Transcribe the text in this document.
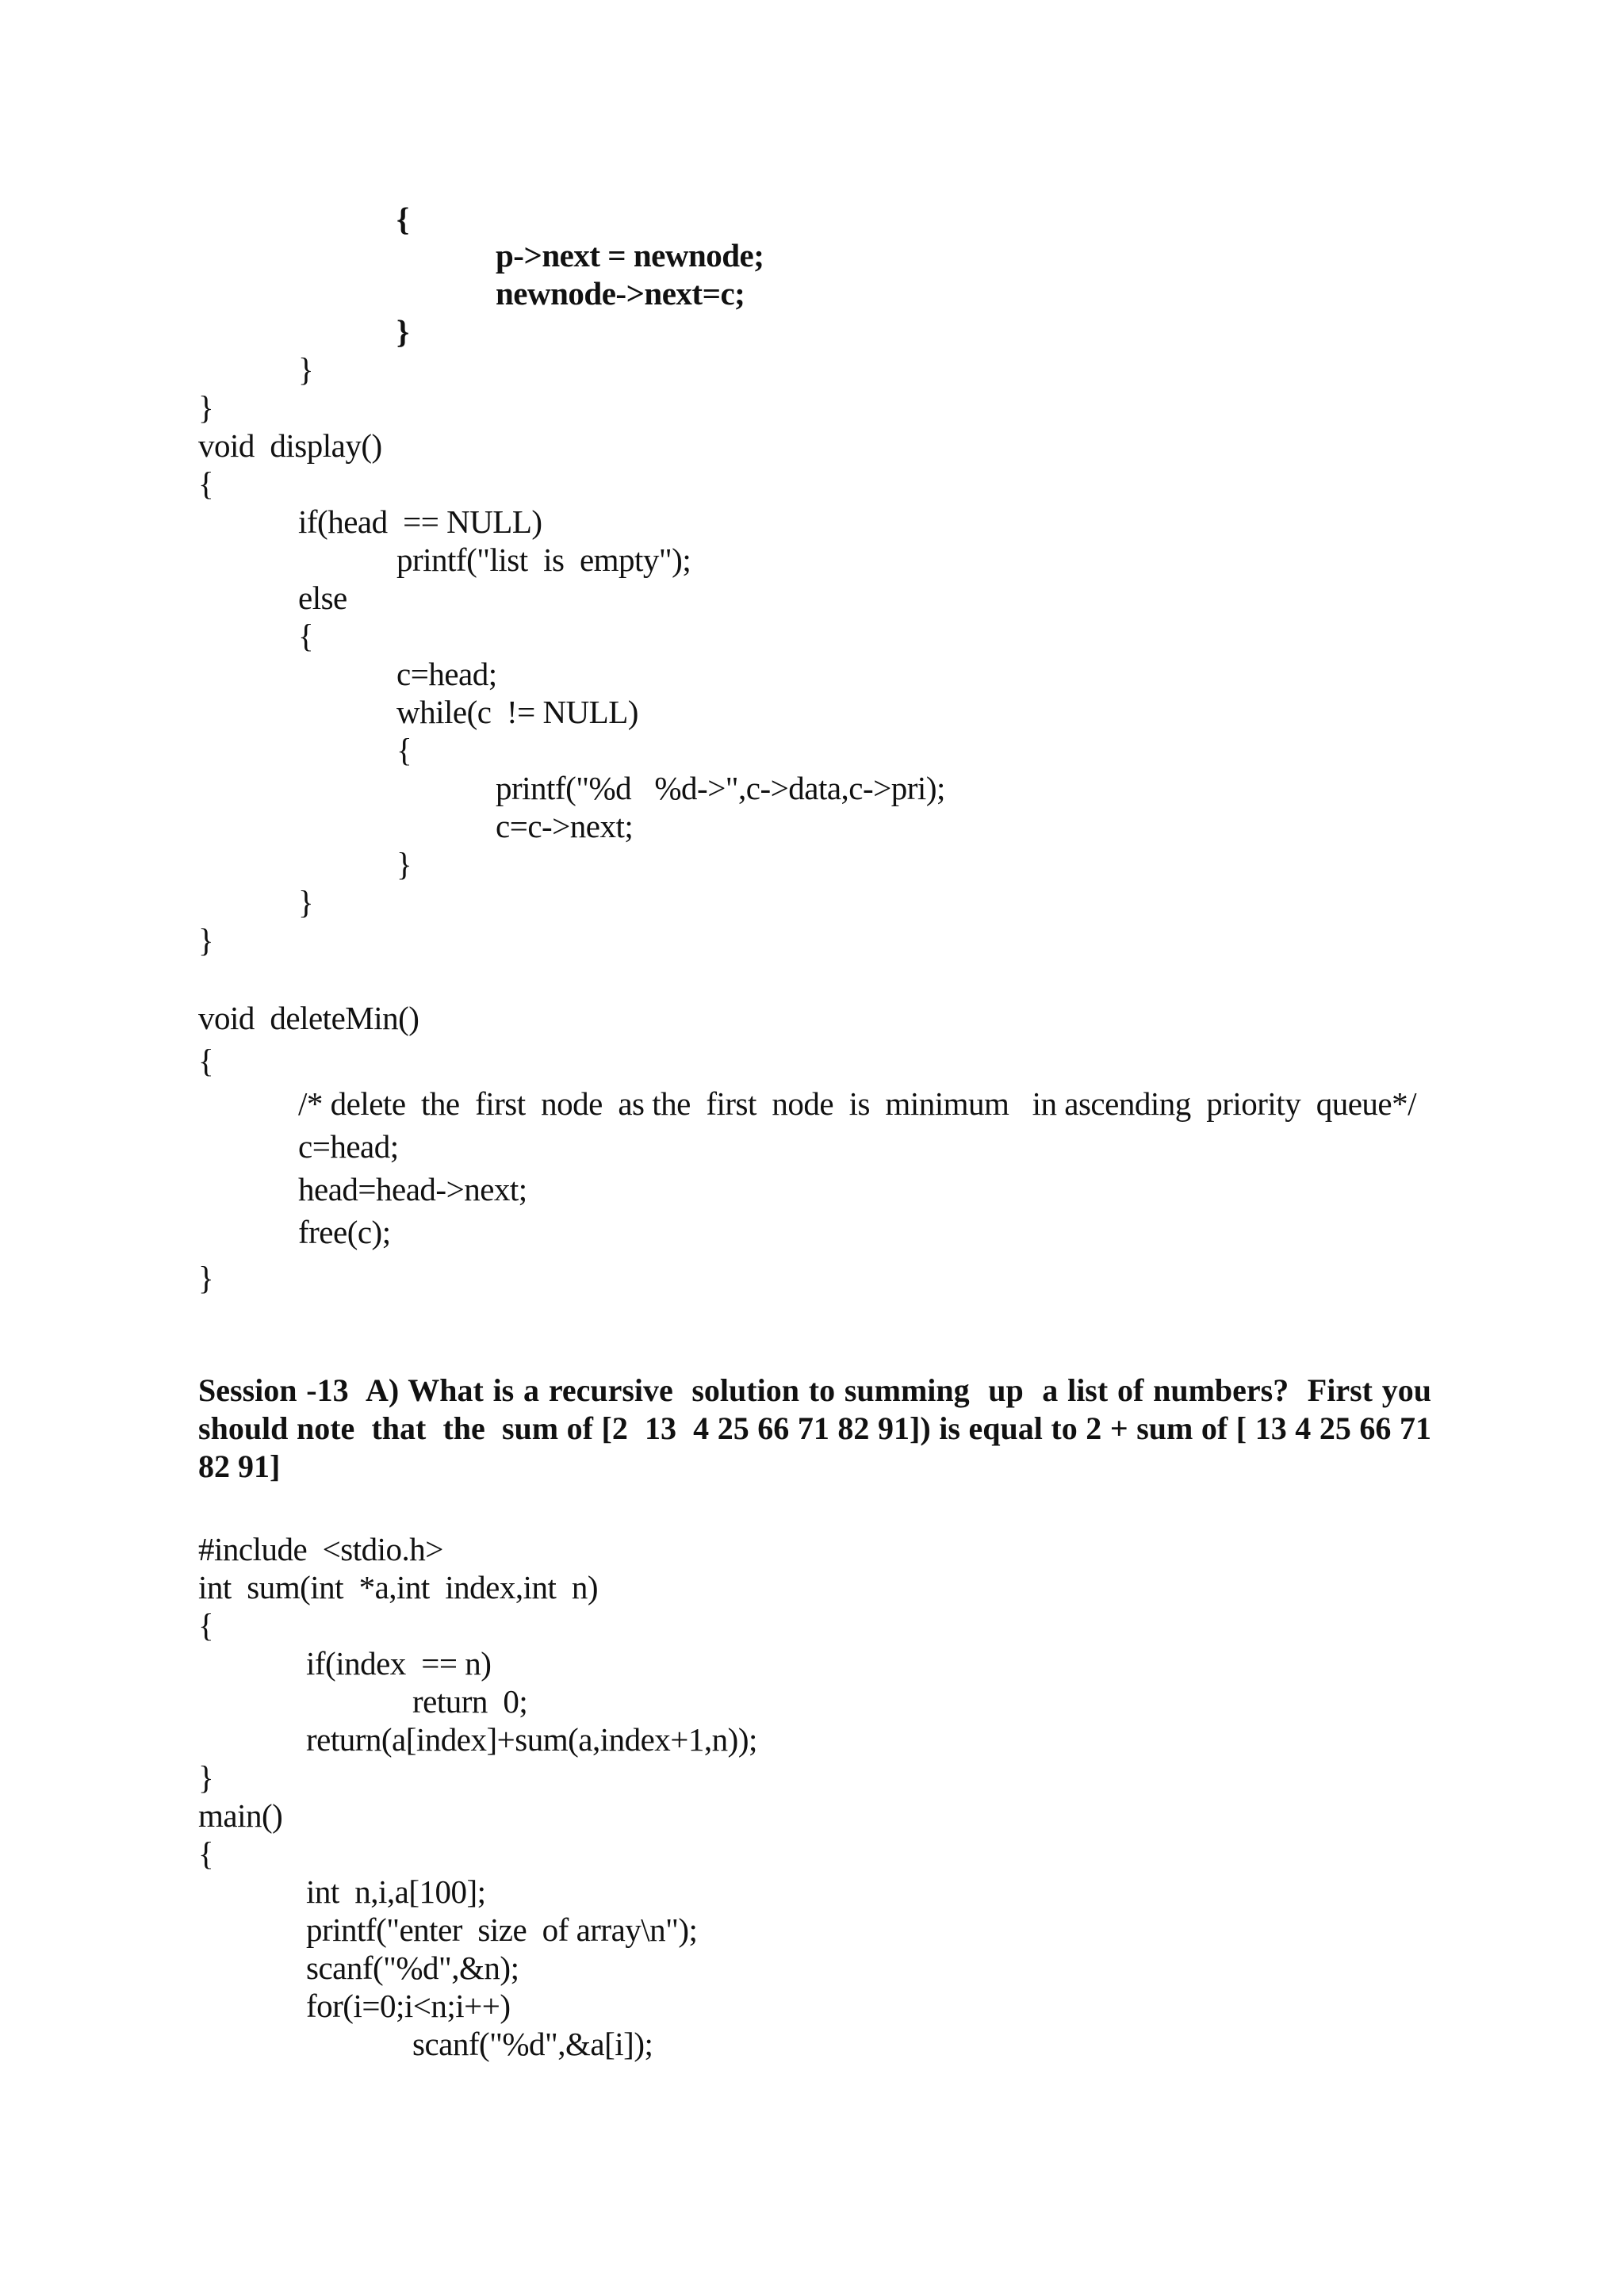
{
p->next = newnode;
newnode->next=c;
}
}
}
void  display()
{
if(head  == NULL)
printf("list  is  empty");
else
{
c=head;
while(c  != NULL)
{
printf("%d   %d->",c->data,c->pri);
c=c->next;
}
}
}
void  deleteMin()
{
/* delete  the  first  node  as the  first  node  is  minimum   in ascending  priority  queue*/
c=head;
head=head->next;
free(c);
}
Session -13  A) What is a recursive  solution to summing  up  a list of numbers?  First you
should note  that  the  sum of [2  13  4 25 66 71 82 91]) is equal to 2 + sum of [ 13 4 25 66 71
82 91]
#include  <stdio.h>
int  sum(int  *a,int  index,int  n)
{
if(index  == n)
return  0;
return(a[index]+sum(a,index+1,n));
}
main()
{
int  n,i,a[100];
printf("enter  size  of array\n");
scanf("%d",&n);
for(i=0;i<n;i++)
scanf("%d",&a[i]);
